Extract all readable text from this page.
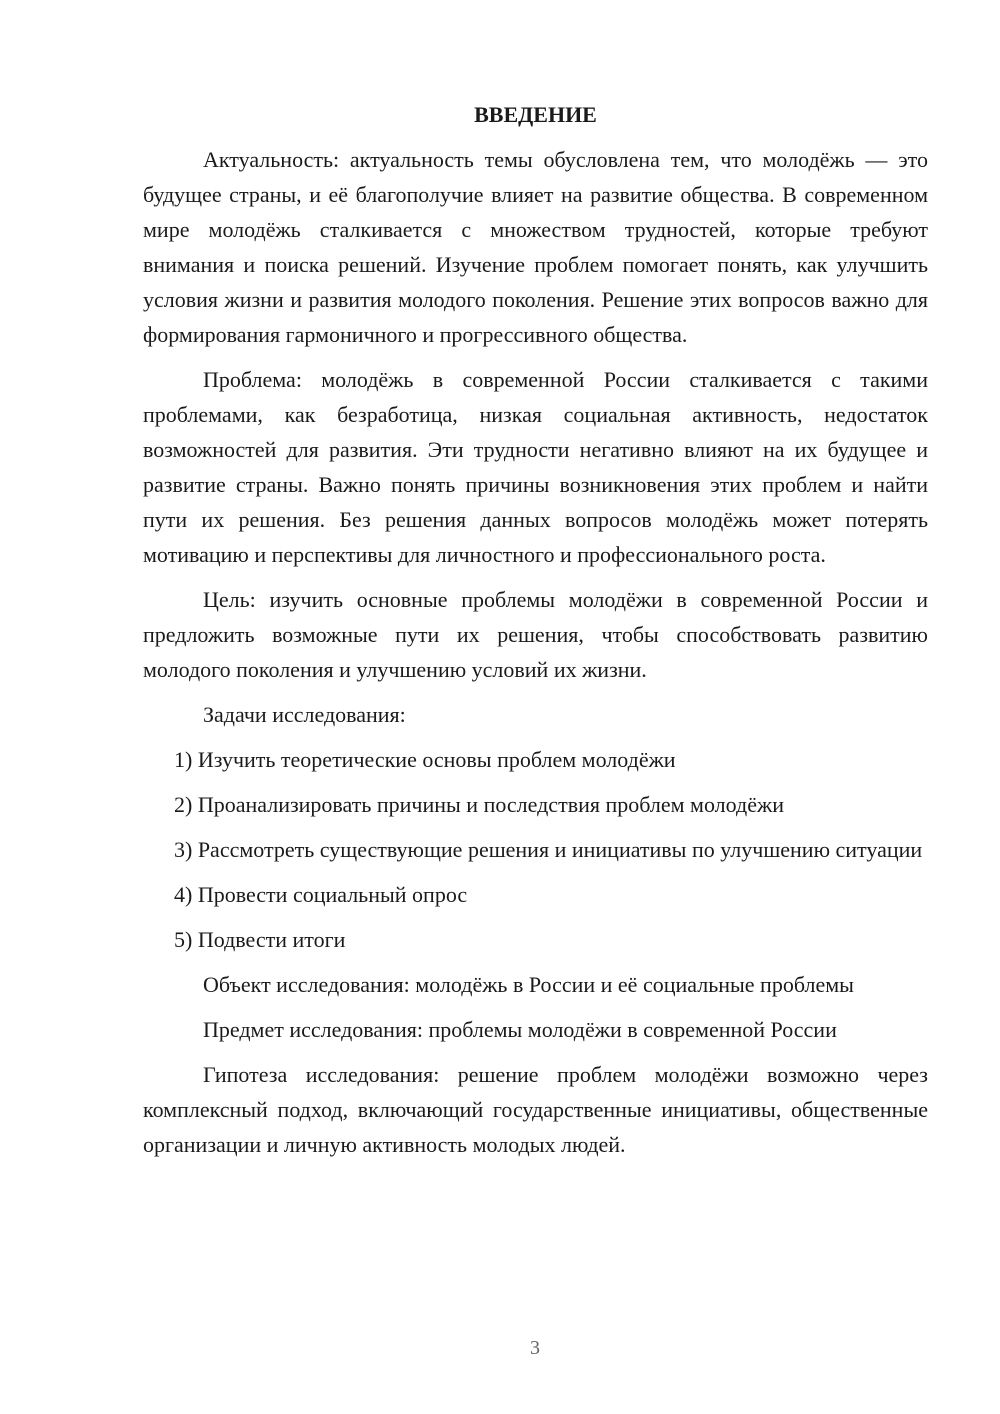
ВВЕДЕНИЕ

Актуальность: актуальность темы обусловлена тем, что молодёжь — это будущее страны, и её благополучие влияет на развитие общества. В современном мире молодёжь сталкивается с множеством трудностей, которые требуют внимания и поиска решений. Изучение проблем помогает понять, как улучшить условия жизни и развития молодого поколения. Решение этих вопросов важно для формирования гармоничного и прогрессивного общества.

Проблема: молодёжь в современной России сталкивается с такими проблемами, как безработица, низкая социальная активность, недостаток возможностей для развития. Эти трудности негативно влияют на их будущее и развитие страны. Важно понять причины возникновения этих проблем и найти пути их решения. Без решения данных вопросов молодёжь может потерять мотивацию и перспективы для личностного и профессионального роста.

Цель: изучить основные проблемы молодёжи в современной России и предложить возможные пути их решения, чтобы способствовать развитию молодого поколения и улучшению условий их жизни.

Задачи исследования:

1) Изучить теоретические основы проблем молодёжи

2) Проанализировать причины и последствия проблем молодёжи

3) Рассмотреть существующие решения и инициативы по улучшению ситуации

4) Провести социальный опрос

5) Подвести итоги

Объект исследования: молодёжь в России и её социальные проблемы

Предмет исследования: проблемы молодёжи в современной России

Гипотеза исследования: решение проблем молодёжи возможно через комплексный подход, включающий государственные инициативы, общественные организации и личную активность молодых людей.

3
